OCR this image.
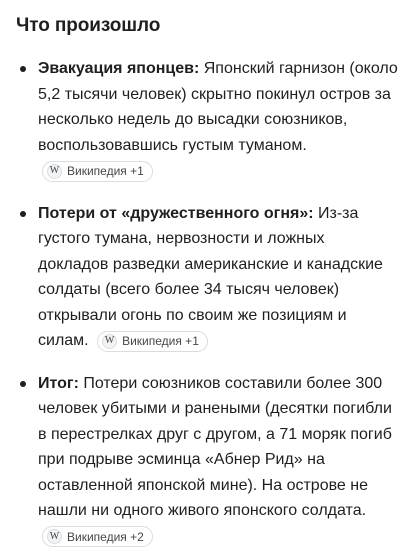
Что произошло
Эвакуация японцев: Японский гарнизон (около 5,2 тысячи человек) скрытно покинул остров за несколько недель до высадки союзников, воспользовавшись густым туманом.
W Википедия +1
Потери от «дружественного огня»: Из-за густого тумана, нервозности и ложных докладов разведки американские и канадские солдаты (всего более 34 тысяч человек) открывали огонь по своим же позициям и силам. W Википедия +1
Итог: Потери союзников составили более 300 человек убитыми и ранеными (десятки погибли в перестрелках друг с другом, а 71 моряк погиб при подрыве эсминца «Абнер Рид» на оставленной японской мине). На острове не нашли ни одного живого японского солдата.
W Википедия +2
